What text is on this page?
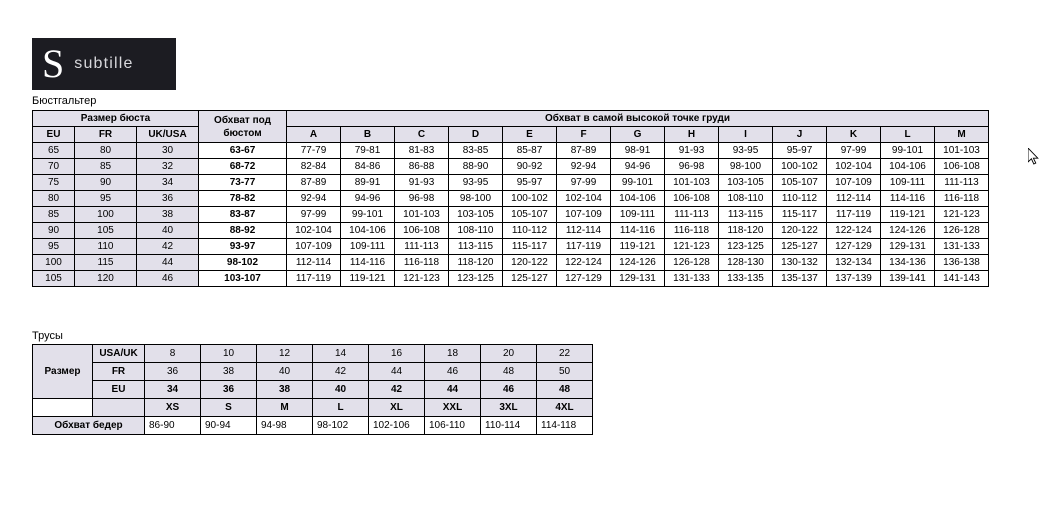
S subtille
Бюстгальтер
Размер бюста			Обхват под бюстом	Обхват в самой высокой точке груди												
EU	FR	UK/USA		A	B	C	D	E	F	G	H	I	J	K	L	M
65	80	30	63-67	77-79	79-81	81-83	83-85	85-87	87-89	98-91	91-93	93-95	95-97	97-99	99-101	101-103
70	85	32	68-72	82-84	84-86	86-88	88-90	90-92	92-94	94-96	96-98	98-100	100-102	102-104	104-106	106-108
75	90	34	73-77	87-89	89-91	91-93	93-95	95-97	97-99	99-101	101-103	103-105	105-107	107-109	109-111	111-113
80	95	36	78-82	92-94	94-96	96-98	98-100	100-102	102-104	104-106	106-108	108-110	110-112	112-114	114-116	116-118
85	100	38	83-87	97-99	99-101	101-103	103-105	105-107	107-109	109-111	111-113	113-115	115-117	117-119	119-121	121-123
90	105	40	88-92	102-104	104-106	106-108	108-110	110-112	112-114	114-116	116-118	118-120	120-122	122-124	124-126	126-128
95	110	42	93-97	107-109	109-111	111-113	113-115	115-117	117-119	119-121	121-123	123-125	125-127	127-129	129-131	131-133
100	115	44	98-102	112-114	114-116	116-118	118-120	120-122	122-124	124-126	126-128	128-130	130-132	132-134	134-136	136-138
105	120	46	103-107	117-119	119-121	121-123	123-125	125-127	127-129	129-131	131-133	133-135	135-137	137-139	139-141	141-143
Трусы
Размер	USA/UK	8	10	12	14	16	18	20	22
	FR	36	38	40	42	44	46	48	50
	EU	34	36	38	40	42	44	46	48
		XS	S	M	L	XL	XXL	3XL	4XL
Обхват бедер		86-90	90-94	94-98	98-102	102-106	106-110	110-114	114-118
